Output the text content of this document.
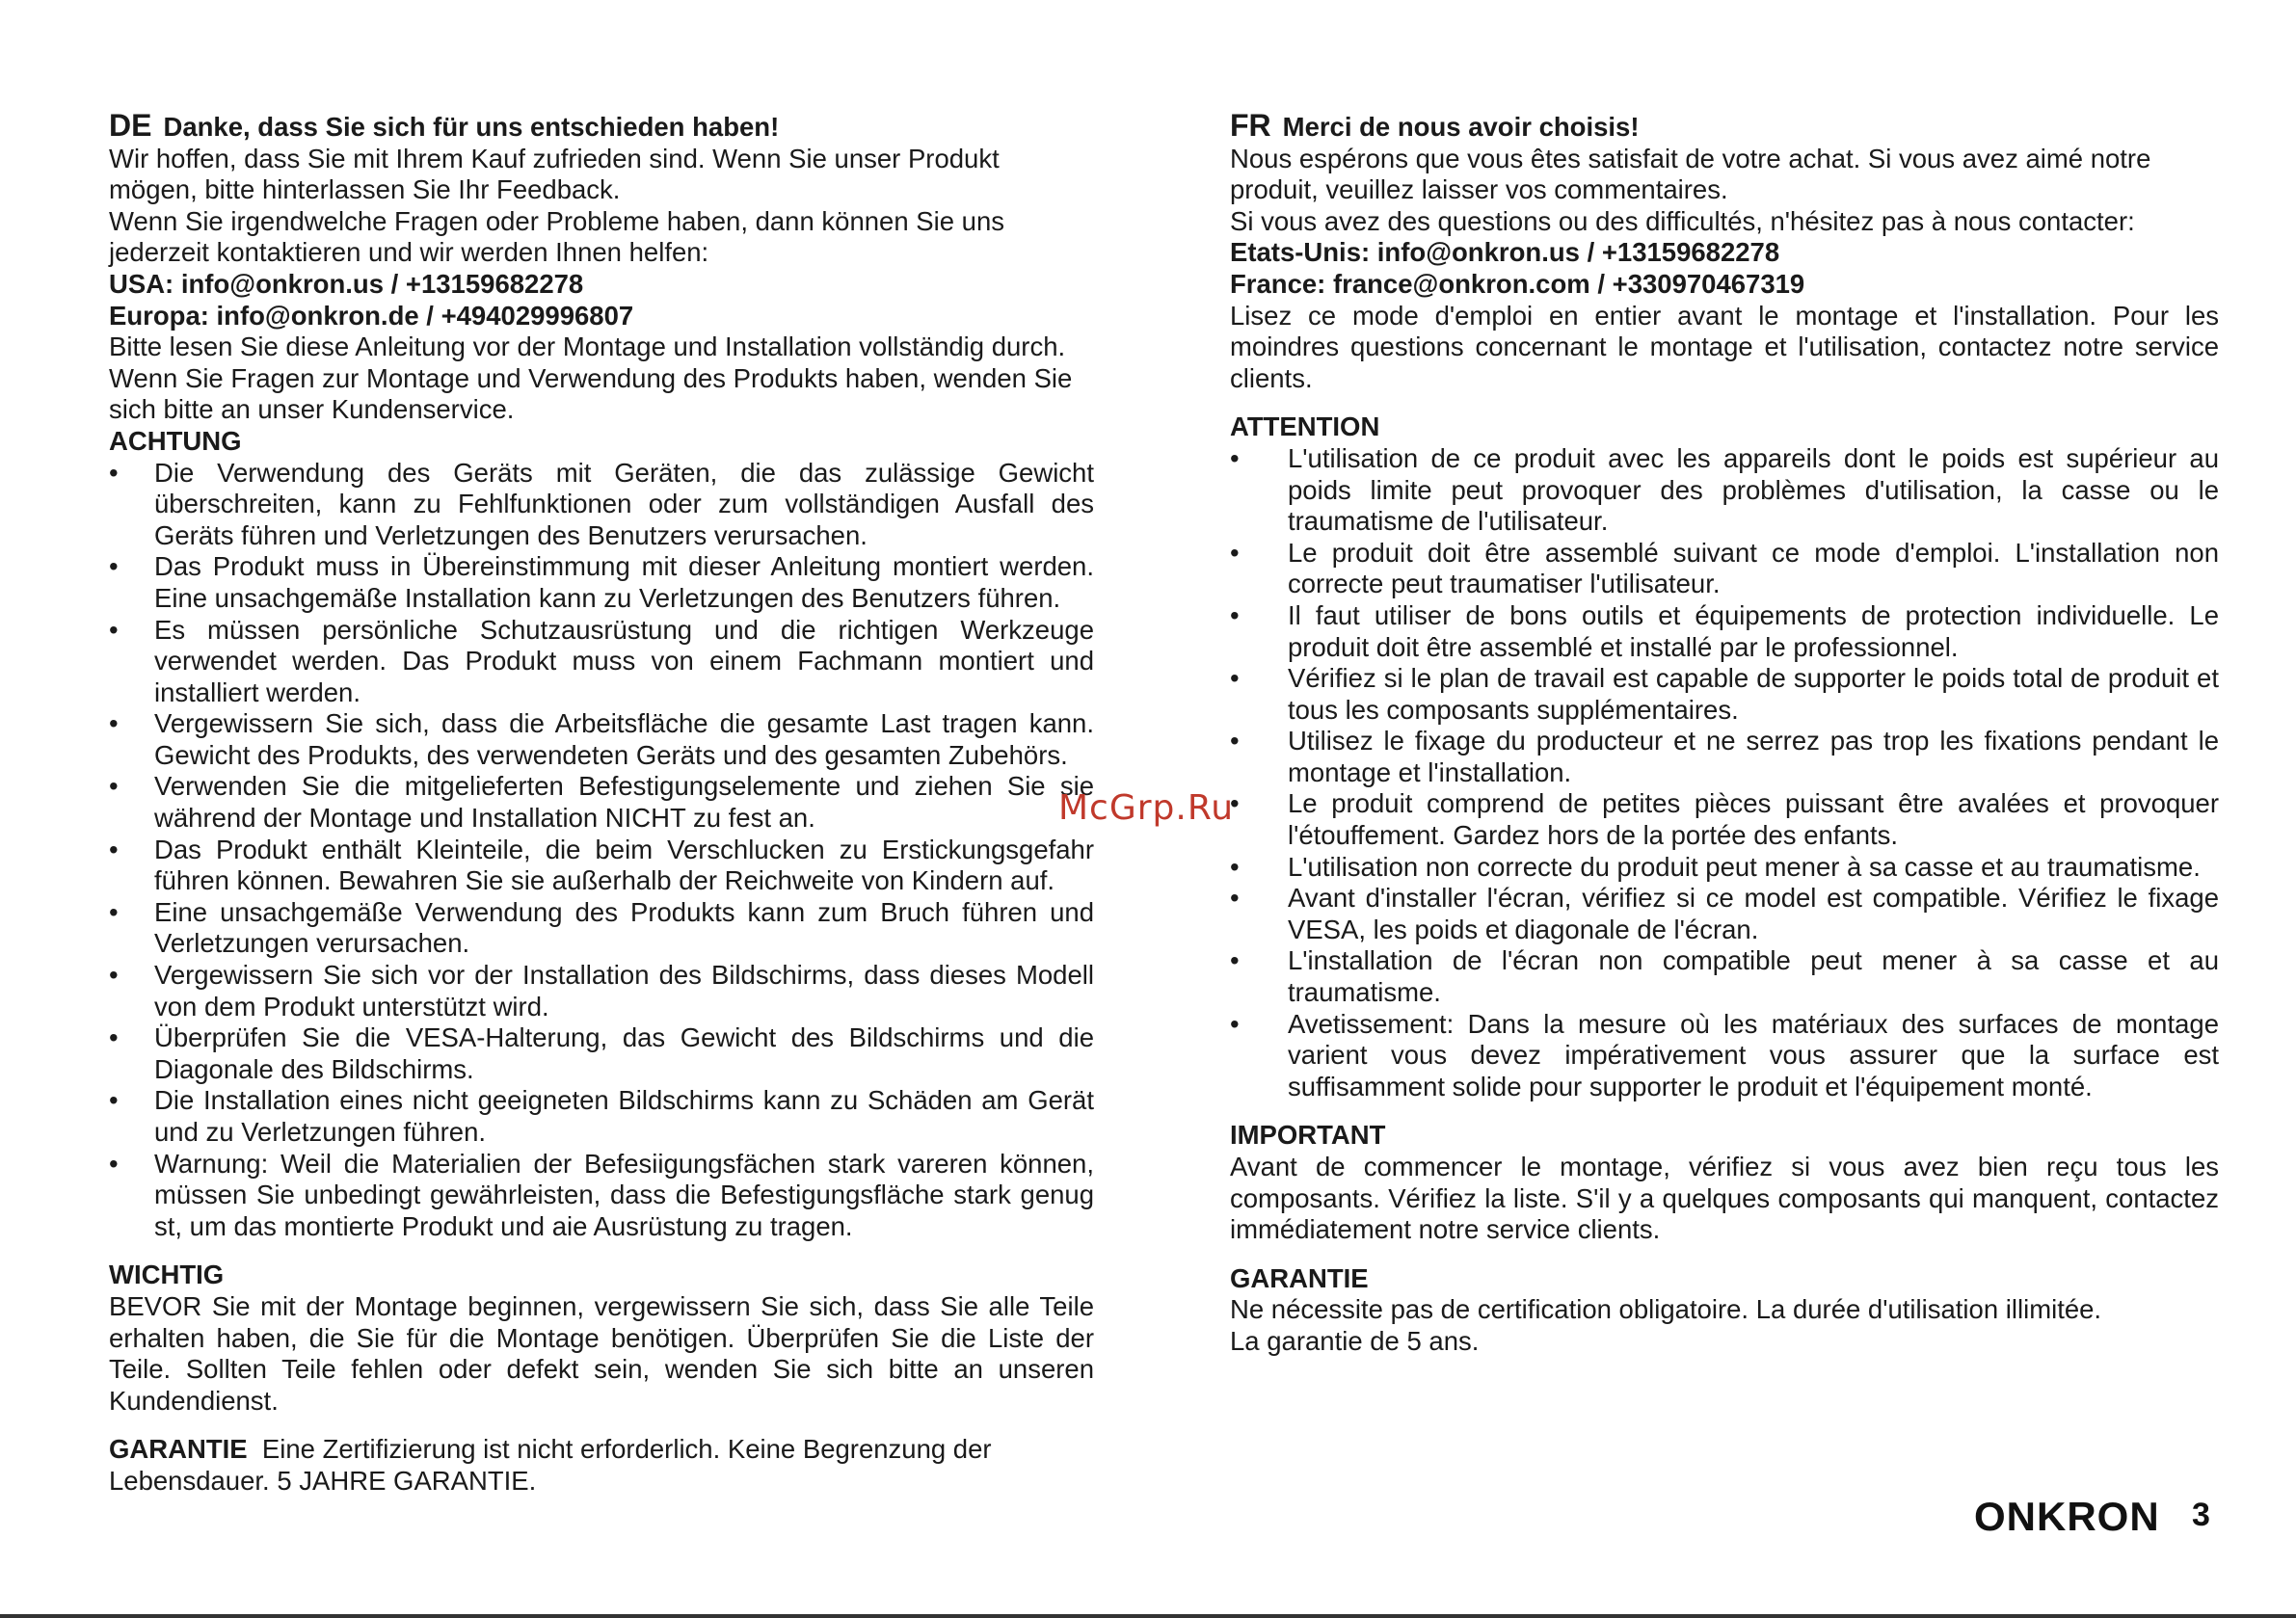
DE Danke, dass Sie sich für uns entschieden haben!

Wir hoffen, dass Sie mit Ihrem Kauf zufrieden sind. Wenn Sie unser Produkt mögen, bitte hinterlassen Sie Ihr Feedback.

Wenn Sie irgendwelche Fragen oder Probleme haben, dann können Sie uns jederzeit kontaktieren und wir werden Ihnen helfen:

USA: info@onkron.us / +13159682278

Europa: info@onkron.de / +494029996807

Bitte lesen Sie diese Anleitung vor der Montage und Installation vollständig durch. Wenn Sie Fragen zur Montage und Verwendung des Produkts haben, wenden Sie sich bitte an unser Kundenservice.

ACHTUNG

• Die Verwendung des Geräts mit Geräten, die das zulässige Gewicht überschreiten, kann zu Fehlfunktionen oder zum vollständigen Ausfall des Geräts führen und Verletzungen des Benutzers verursachen.
• Das Produkt muss in Übereinstimmung mit dieser Anleitung montiert werden. Eine unsachgemäße Installation kann zu Verletzungen des Benutzers führen.
• Es müssen persönliche Schutzausrüstung und die richtigen Werkzeuge verwendet werden. Das Produkt muss von einem Fachmann montiert und installiert werden.
• Vergewissern Sie sich, dass die Arbeitsfläche die gesamte Last tragen kann. Gewicht des Produkts, des verwendeten Geräts und des gesamten Zubehörs.
• Verwenden Sie die mitgelieferten Befestigungselemente und ziehen Sie sie während der Montage und Installation NICHT zu fest an.
• Das Produkt enthält Kleinteile, die beim Verschlucken zu Erstickungsgefahr führen können. Bewahren Sie sie außerhalb der Reichweite von Kindern auf.
• Eine unsachgemäße Verwendung des Produkts kann zum Bruch führen und Verletzungen verursachen.
• Vergewissern Sie sich vor der Installation des Bildschirms, dass dieses Modell von dem Produkt unterstützt wird.
• Überprüfen Sie die VESA-Halterung, das Gewicht des Bildschirms und die Diagonale des Bildschirms.
• Die Installation eines nicht geeigneten Bildschirms kann zu Schäden am Gerät und zu Verletzungen führen.
• Warnung: Weil die Materialien der Befesiigungsfächen stark vareren können, müssen Sie unbedingt gewährleisten, dass die Befestigungsfläche stark genug st, um das montierte Produkt und aie Ausrüstung zu tragen.

WICHTIG

BEVOR Sie mit der Montage beginnen, vergewissern Sie sich, dass Sie alle Teile erhalten haben, die Sie für die Montage benötigen. Überprüfen Sie die Liste der Teile. Sollten Teile fehlen oder defekt sein, wenden Sie sich bitte an unseren Kundendienst.

GARANTIE Eine Zertifizierung ist nicht erforderlich. Keine Begrenzung der Lebensdauer. 5 JAHRE GARANTIE.

FR Merci de nous avoir choisis!

Nous espérons que vous êtes satisfait de votre achat. Si vous avez aimé notre produit, veuillez laisser vos commentaires.

Si vous avez des questions ou des difficultés, n'hésitez pas à nous contacter:

Etats-Unis: info@onkron.us / +13159682278

France: france@onkron.com / +330970467319

Lisez ce mode d'emploi en entier avant le montage et l'installation. Pour les moindres questions concernant le montage et l'utilisation, contactez notre service clients.

ATTENTION

• L'utilisation de ce produit avec les appareils dont le poids est supérieur au poids limite peut provoquer des problèmes d'utilisation, la casse ou le traumatisme de l'utilisateur.
• Le produit doit être assemblé suivant ce mode d'emploi. L'installation non correcte peut traumatiser l'utilisateur.
• Il faut utiliser de bons outils et équipements de protection individuelle. Le produit doit être assemblé et installé par le professionnel.
• Vérifiez si le plan de travail est capable de supporter le poids total de produit et tous les composants supplémentaires.
• Utilisez le fixage du producteur et ne serrez pas trop les fixations pendant le montage et l'installation.
• Le produit comprend de petites pièces puissant être avalées et provoquer l'étouffement. Gardez hors de la portée des enfants.
• L'utilisation non correcte du produit peut mener à sa casse et au traumatisme.
• Avant d'installer l'écran, vérifiez si ce model est compatible. Vérifiez le fixage VESA, les poids et diagonale de l'écran.
• L'installation de l'écran non compatible peut mener à sa casse et au traumatisme.
• Avetissement: Dans la mesure où les matériaux des surfaces de montage varient vous devez impérativement vous assurer que la surface est suffisamment solide pour supporter le produit et l'équipement monté.

IMPORTANT

Avant de commencer le montage, vérifiez si vous avez bien reçu tous les composants. Vérifiez la liste. S'il y a quelques composants qui manquent, contactez immédiatement notre service clients.

GARANTIE

Ne nécessite pas de certification obligatoire. La durée d'utilisation illimitée.

La garantie de 5 ans.

McGrp.Ru
ONKRON 3
